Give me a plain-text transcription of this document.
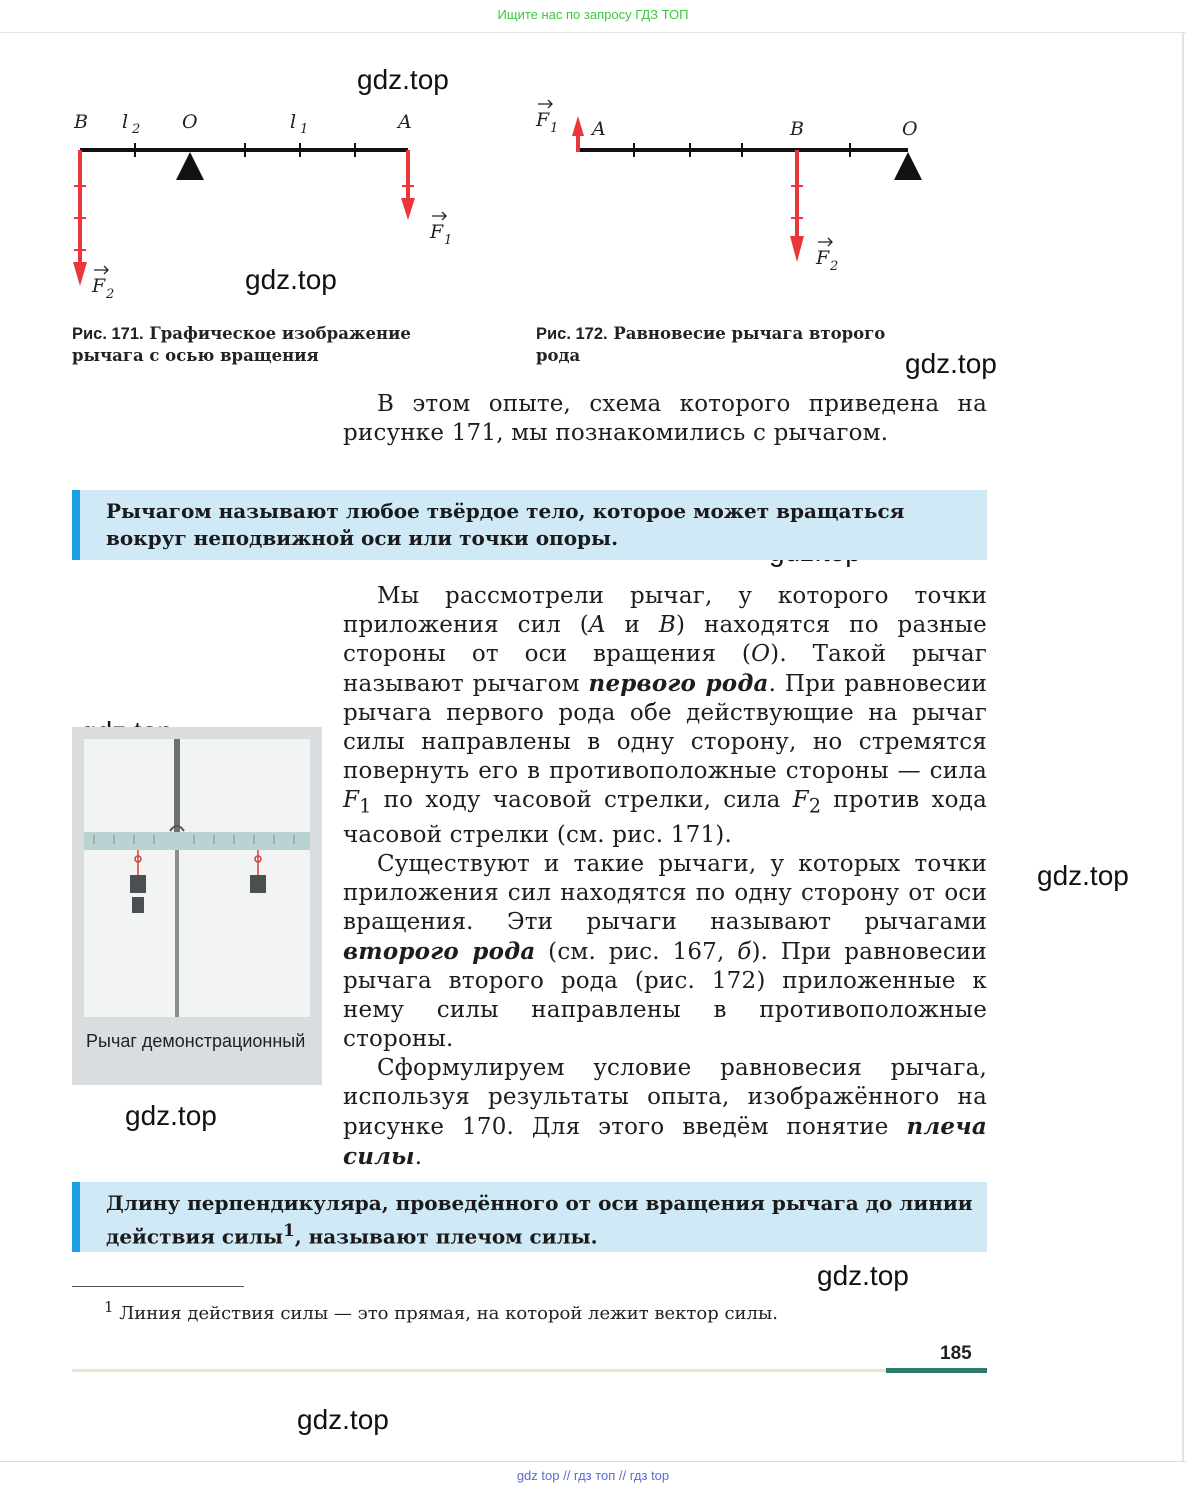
Ищите нас по запросу ГДЗ ТОП
gdz.top
gdz.top
gdz.top
gdz.top
gdz.top
gdz.top
gdz.top
B l 2 O	l 1	A
F 1
F 2
Рис. 171. Графическое изображение
рычага с осью вращения
F 1 A	B	O
F 2
Рис. 172. Равновесие рычага второго
рода

В этом опыте, схема которого приведена на рисунке 171, мы познакомились с рычагом.

Рычагом называют любое твёрдое тело, которое может вращаться вокруг неподвижной оси или точки опоры.

Мы рассмотрели рычаг, у которого точки приложения сил (A и B) находятся по разные стороны от оси вращения (O). Такой рычаг называют рычагом первого рода. При равновесии рычага первого рода обе действующие на рычаг силы направлены в одну сторону, но стремятся повернуть его в противоположные стороны — сила $F_1$ по ходу часовой стрелки, сила $F_2$ против хода часовой стрелки (см. рис. 171).

Существуют и такие рычаги, у которых точки приложения сил находятся по одну сторону от оси вращения. Эти рычаги называют рычагами второго рода (см. рис. 167, б). При равновесии рычага второго рода (рис. 172) приложенные к нему силы направлены в противоположные стороны.

Сформулируем условие равновесия рычага, используя результаты опыта, изображённого на рисунке 170. Для этого введём понятие плеча силы.

Рычаг демонстрационный
Длину перпендикуляра, проведённого от оси вращения рычага до линии действия силы$^1$, называют плечом силы.
$^1$ Линия действия силы — это прямая, на которой лежит вектор силы.
185
gdz top // гдз топ // гдз top
